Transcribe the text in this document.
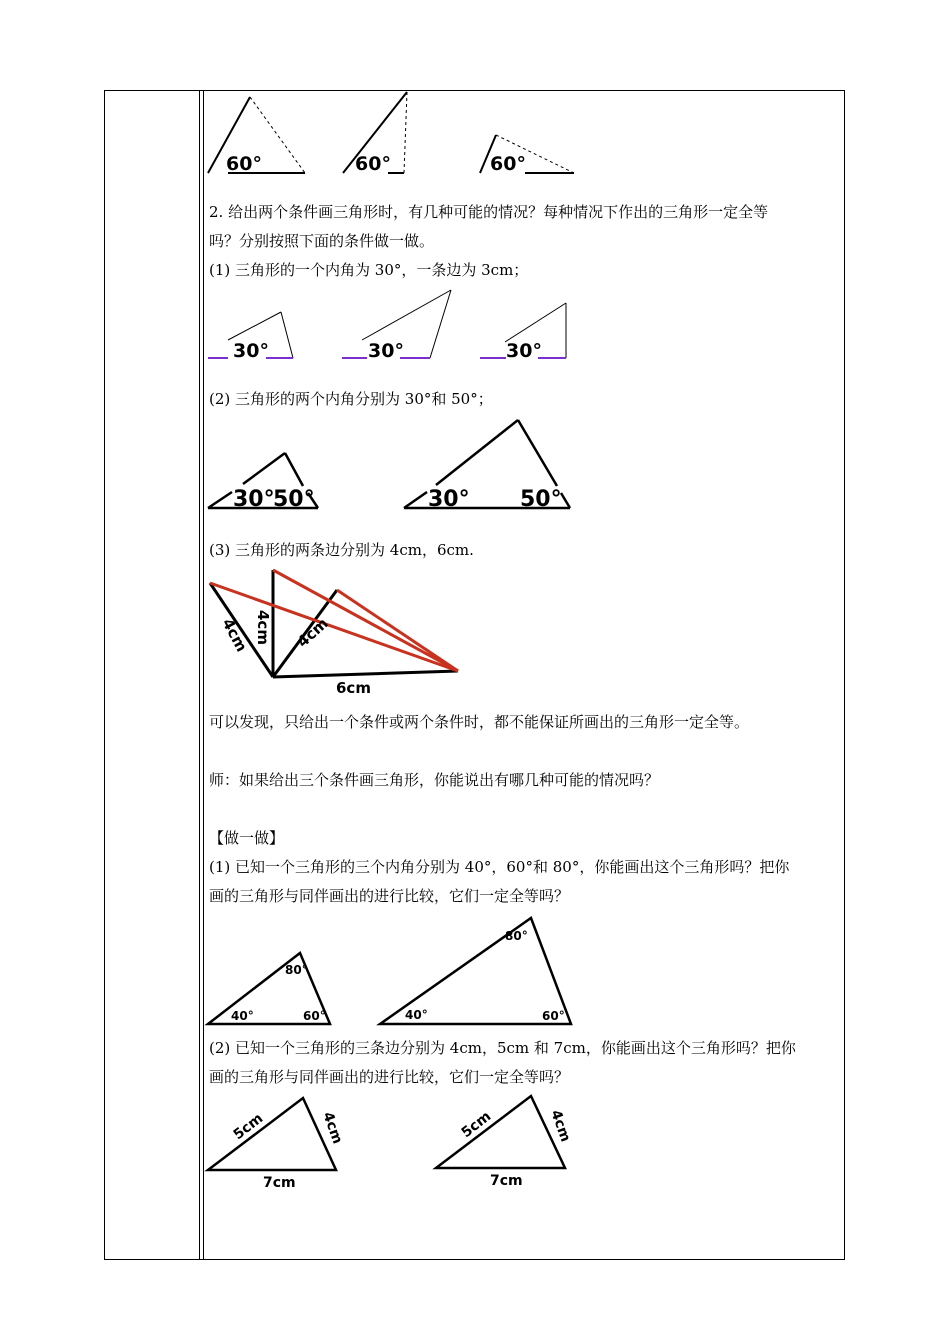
60°	60°	60°
2. 给出两个条件画三角形时，有几种可能的情况？每种情况下作出的三角形一定全等
吗？分别按照下面的条件做一做。
(1) 三角形的一个内角为 30°，一条边为 3cm；
30°	30°	30°
(2) 三角形的两个内角分别为 30°和 50°；
30°
50°	30° 50°
(3) 三角形的两条边分别为 4cm，6cm.
4cm 4cm 4cm
6cm
可以发现，只给出一个条件或两个条件时，都不能保证所画出的三角形一定全等。
师：如果给出三个条件画三角形，你能说出有哪几种可能的情况吗？
【做一做】
(1) 已知一个三角形的三个内角分别为 40°，60°和 80°，你能画出这个三角形吗？把你
画的三角形与同伴画出的进行比较，它们一定全等吗？
80°
40°	60°
80°
40°	60°
(2) 已知一个三角形的三条边分别为 4cm，5cm 和 7cm，你能画出这个三角形吗？把你
画的三角形与同伴画出的进行比较，它们一定全等吗？
5cm	4cm
7cm
5cm	4cm
7cm
